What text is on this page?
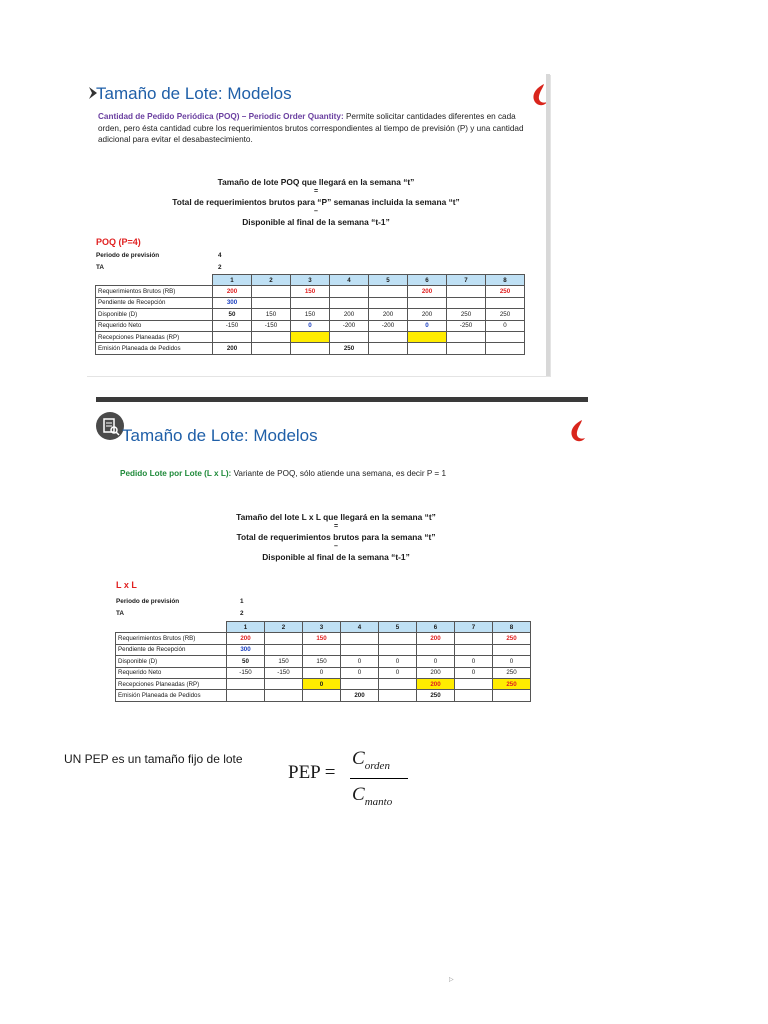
Tamaño de Lote: Modelos
Cantidad de Pedido Periódica (POQ) – Periodic Order Quantity: Permite solicitar cantidades diferentes en cada orden, pero ésta cantidad cubre los requerimientos brutos correspondientes al tiempo de previsión (P) y una cantidad adicional para evitar el desabastecimiento.
Tamaño de lote POQ que llegará en la semana “t”
=
Total de requerimientos brutos para “P” semanas incluida la semana “t”
–
Disponible al final de la semana “t-1”
POQ (P=4)
Periodo de previsión	4
TA	2
	1	2	3	4	5	6	7	8
Requerimientos Brutos (RB)	200		150			200		250
Pendiente de Recepción	300							
Disponible (D)	50	150	150	200	200	200	250	250
Requerido Neto	-150	-150	0	-200	-200	0	-250	0
Recepciones Planeadas (RP)								
Emisión Planeada de Pedidos	200			250				
Tamaño de Lote: Modelos
Pedido Lote por Lote (L x L): Variante de POQ, sólo atiende una semana, es decir P = 1
Tamaño del lote L x L que llegará en la semana “t”
=
Total de requerimientos brutos para la semana “t”
–
Disponible al final de la semana “t-1”
▷
L x L
Periodo de previsión	1
TA	2
	1	2	3	4	5	6	7	8
Requerimientos Brutos (RB)	200		150			200		250
Pendiente de Recepción	300							
Disponible (D)	50	150	150	0	0	0	0	0
Requerido Neto	-150	-150	0	0	0	200	0	250
Recepciones Planeadas (RP)			0			200		250
Emisión Planeada de Pedidos				200		250		
UN PEP es un tamaño fijo de lote
PEP =
$C_{orden}$
$C_{manto}$
